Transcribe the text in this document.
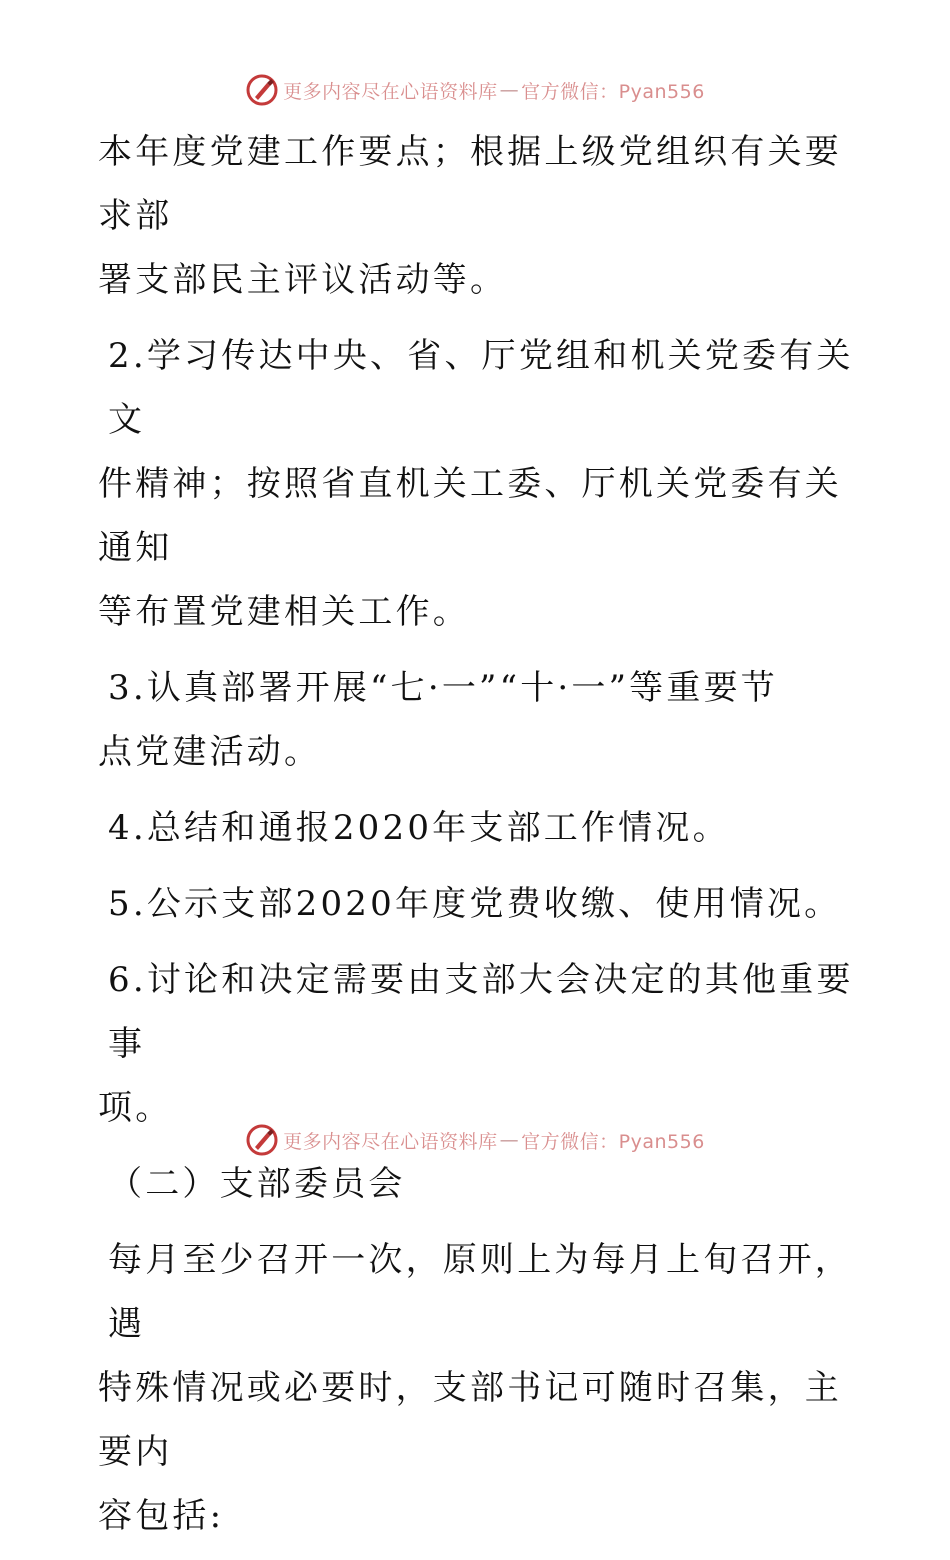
更多内容尽在心语资料库 — 官方微信：Pyan556
本年度党建工作要点；根据上级党组织有关要求部
署支部民主评议活动等。
2.学习传达中央、省、厅党组和机关党委有关文
件精神；按照省直机关工委、厅机关党委有关通知
等布置党建相关工作。
3.认真部署开展“七·一”“十·一”等重要节
点党建活动。
4.总结和通报2020年支部工作情况。
5.公示支部2020年度党费收缴、使用情况。
6.讨论和决定需要由支部大会决定的其他重要事
项。
（二）支部委员会
每月至少召开一次，原则上为每月上旬召开，遇
特殊情况或必要时，支部书记可随时召集，主要内
容包括:
更多内容尽在心语资料库 — 官方微信：Pyan556
